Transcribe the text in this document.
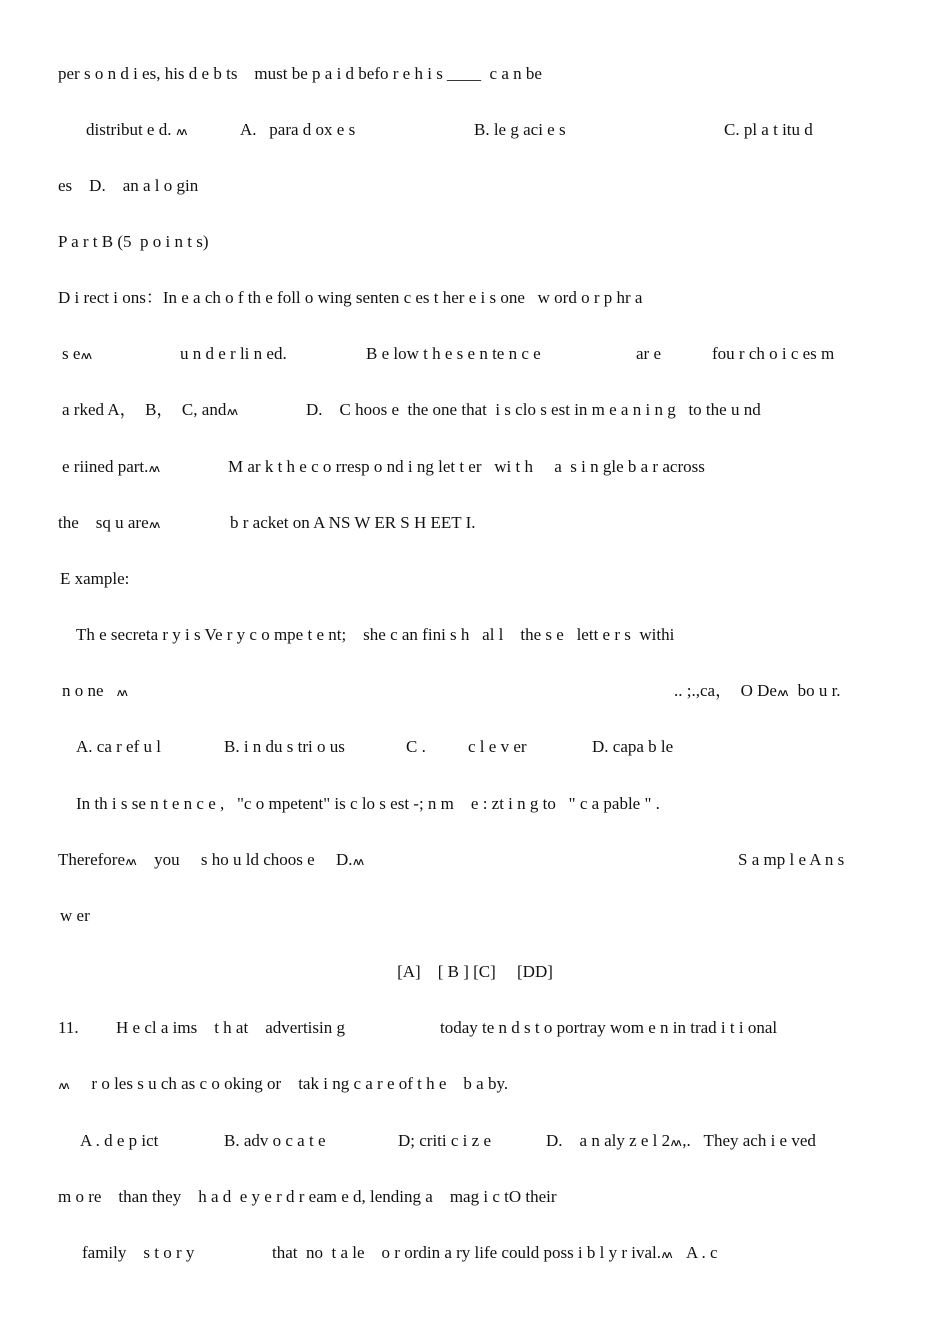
per s o n d i es, his d e b ts    must be p a i d befo r e h i s ____  c a n be
distribut e d. ៳	A.   para d ox e s	B. le g aci e s	C. pl a t itu d
es    D.    an a l o gin
P a r t B (5  p o i n t s)
D i rect i ons：In e a ch o f th e foll o wing senten c es t her e i s one   w ord o r p hr a
s e៳	u n d e r li n ed.	B e low t h e s e n te n c e	ar e	fou r ch o i c es m
a rked A，  B，  C, and៳	D.    C hoos e  the one that  i s clo s est in m e a n i n g   to the u nd
e riined part.៳	M ar k t h e c o rresp o nd i ng let t er   wi t h     a  s i n gle b a r across
the    sq u are៳	b r acket on A NS W ER S H EET I.
E xample:
Th e secreta r y i s Ve r y c o mpe t e nt;    she c an fini s h   al l    the s e   lett e r s  withi
n o ne   ៳	.. ;.,ca，  O De៳  bo u r.
A. ca r ef u l	B. i n du s tri o us	C . c l e v er	D. capa b le
In th i s se n t e n c e ,   "c o mpetent" is c lo s est -; n m    e : zt i n g to   " c a pable " .
Therefore៳    you     s ho u ld choos e     D.៳	S a mp l e A n s
w er
[A]    [ B ] [C]     [DD]
11. H e cl a ims    t h at    advertisin g	today te n d s t o portray wom e n in trad i t i onal
៳     r o les s u ch as c o oking or    tak i ng c a r e of t h e    b a by.
A . d e p ict	B. adv o c a t e	D; criti c i z e	D.    a n aly z e l 2៳,.   They ach i e ved
m o re    than they    h a d  e y e r d r eam e d, lending a    mag i c tO their
family    s t o r y	that  no  t a le    o r ordin a ry life could poss i b l y r ival.៳   A . c
